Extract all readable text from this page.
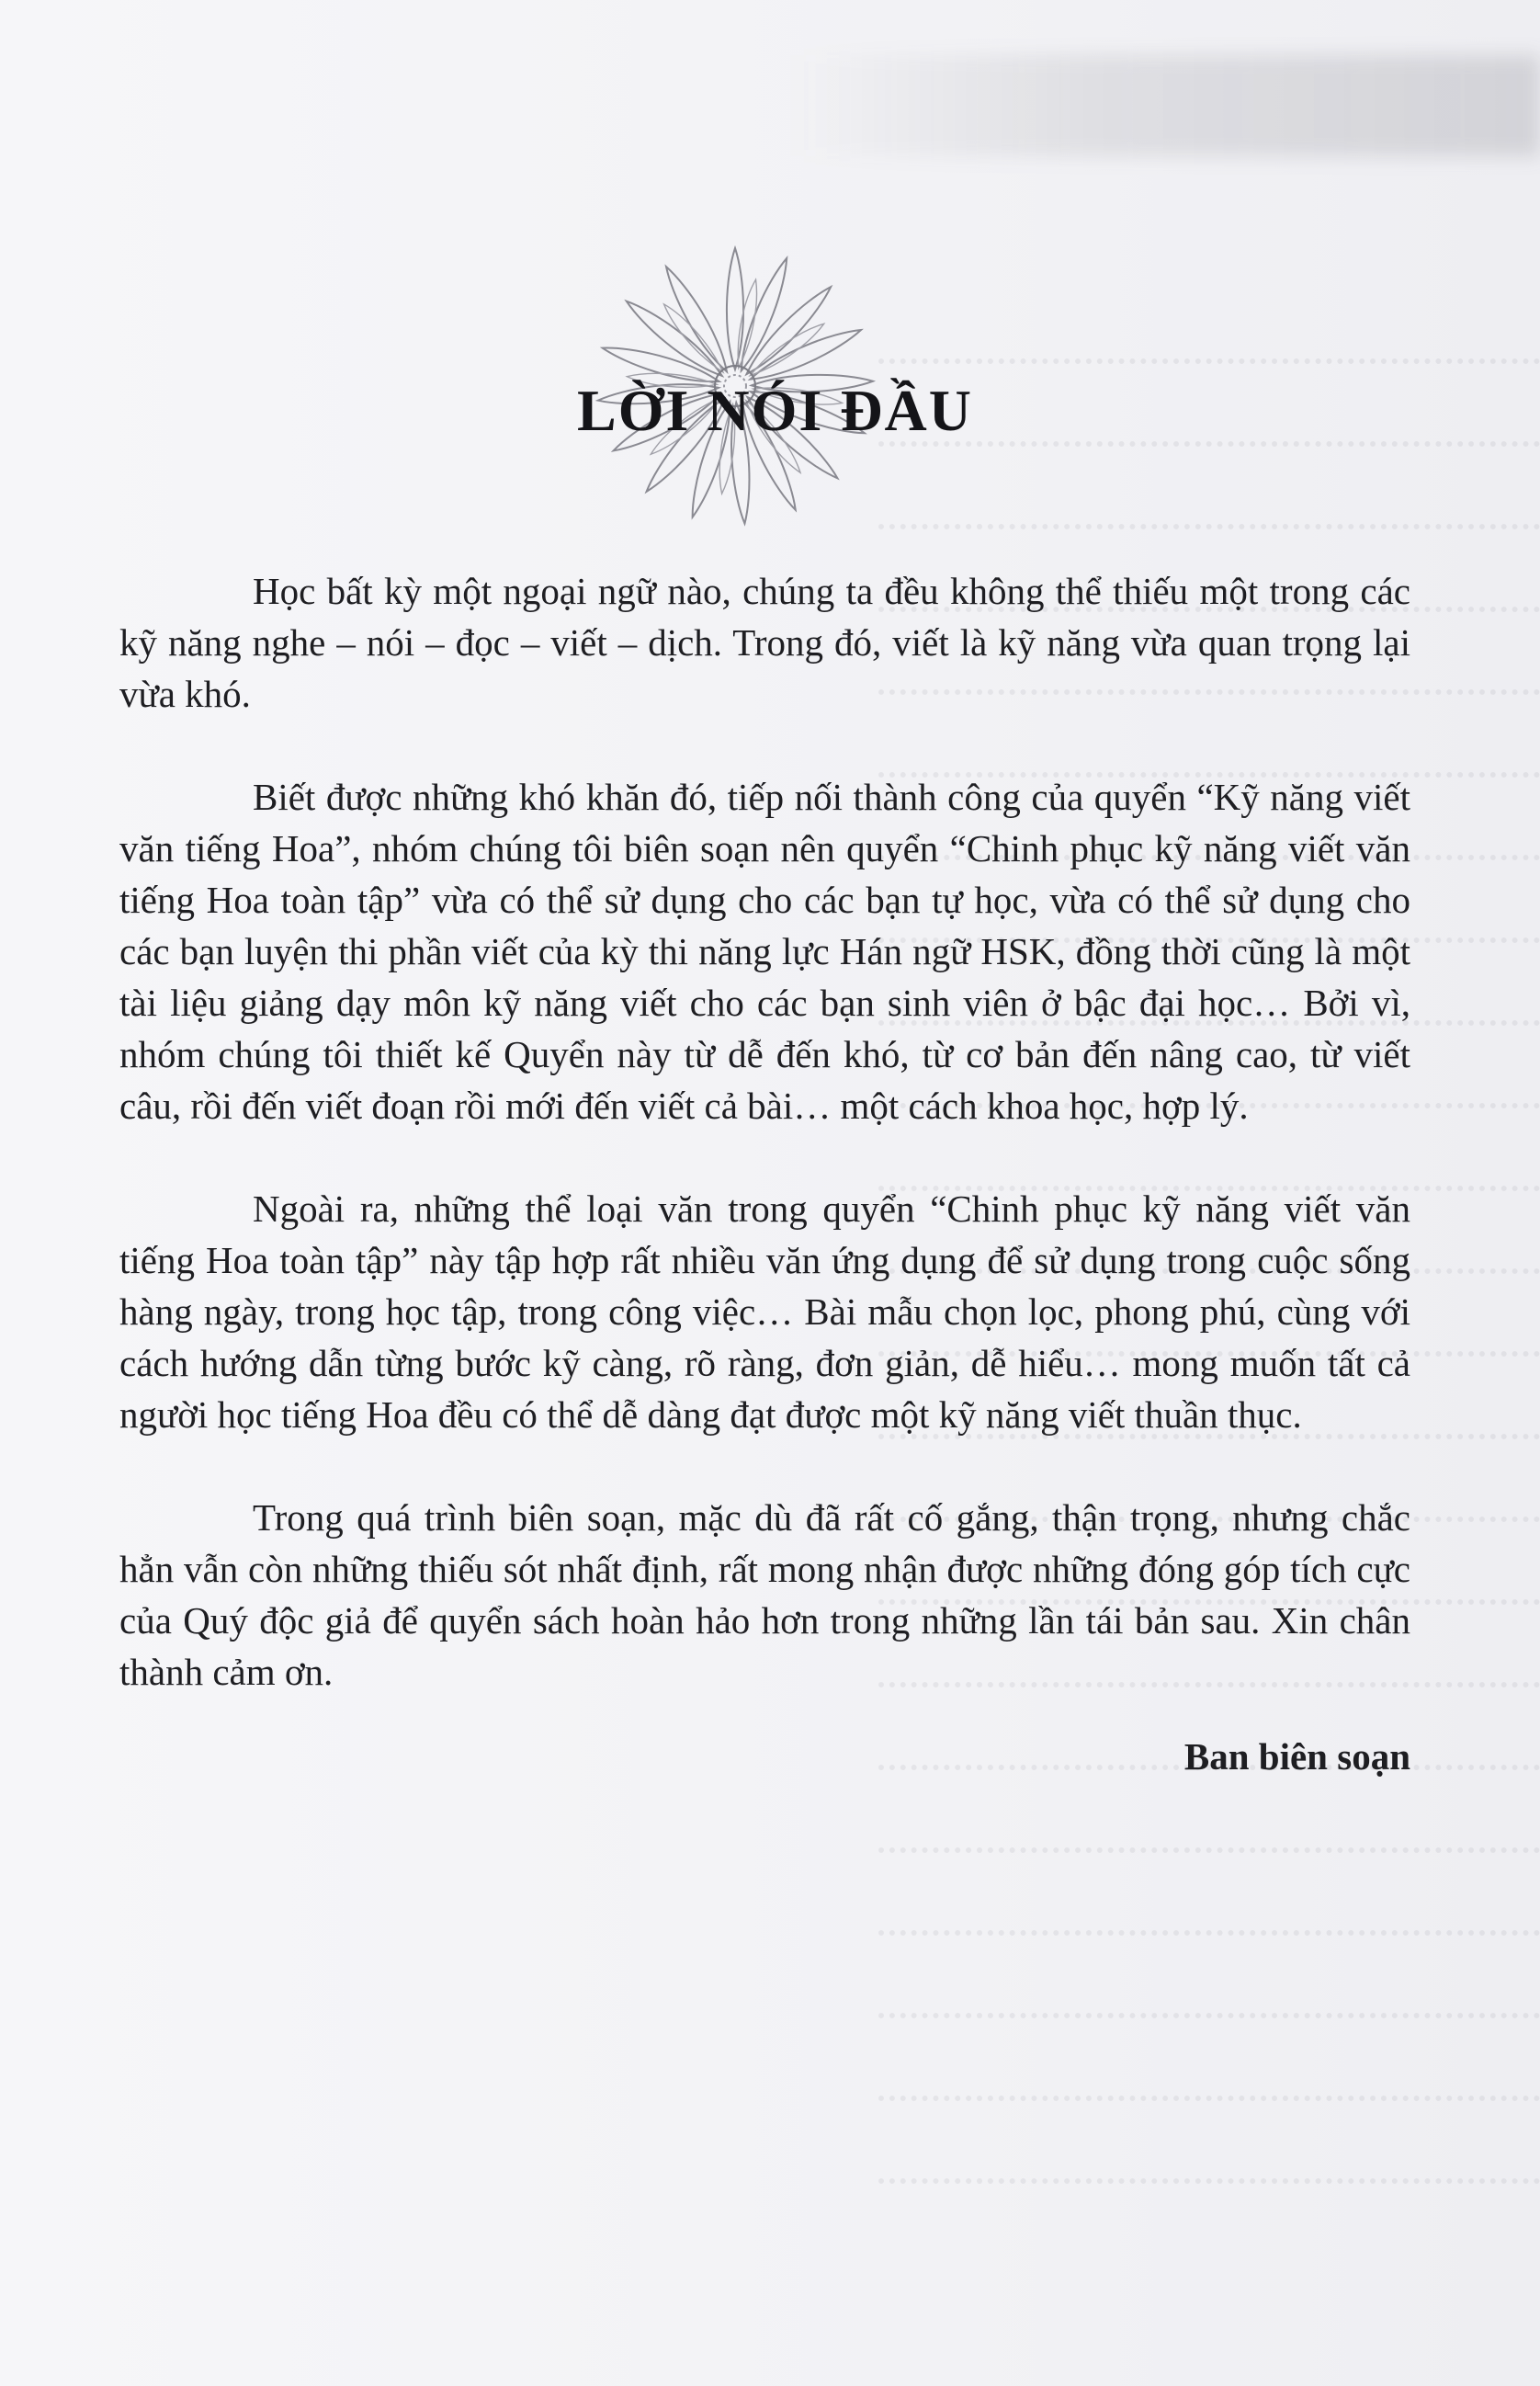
LỜI NÓI ĐẦU

Học bất kỳ một ngoại ngữ nào, chúng ta đều không thể thiếu một trong các kỹ năng nghe – nói – đọc – viết – dịch. Trong đó, viết là kỹ năng vừa quan trọng lại vừa khó.

Biết được những khó khăn đó, tiếp nối thành công của quyển “Kỹ năng viết văn tiếng Hoa”, nhóm chúng tôi biên soạn nên quyển “Chinh phục kỹ năng viết văn tiếng Hoa toàn tập” vừa có thể sử dụng cho các bạn tự học, vừa có thể sử dụng cho các bạn luyện thi phần viết của kỳ thi năng lực Hán ngữ HSK, đồng thời cũng là một tài liệu giảng dạy môn kỹ năng viết cho các bạn sinh viên ở bậc đại học… Bởi vì, nhóm chúng tôi thiết kế Quyển này từ dễ đến khó, từ cơ bản đến nâng cao, từ viết câu, rồi đến viết đoạn rồi mới đến viết cả bài… một cách khoa học, hợp lý.

Ngoài ra, những thể loại văn trong quyển “Chinh phục kỹ năng viết văn tiếng Hoa toàn tập” này tập hợp rất nhiều văn ứng dụng để sử dụng trong cuộc sống hàng ngày, trong học tập, trong công việc… Bài mẫu chọn lọc, phong phú, cùng với cách hướng dẫn từng bước kỹ càng, rõ ràng, đơn giản, dễ hiểu… mong muốn tất cả người học tiếng Hoa đều có thể dễ dàng đạt được một kỹ năng viết thuần thục.

Trong quá trình biên soạn, mặc dù đã rất cố gắng, thận trọng, nhưng chắc hẳn vẫn còn những thiếu sót nhất định, rất mong nhận được những đóng góp tích cực của Quý độc giả để quyển sách hoàn hảo hơn trong những lần tái bản sau. Xin chân thành cảm ơn.

Ban biên soạn
